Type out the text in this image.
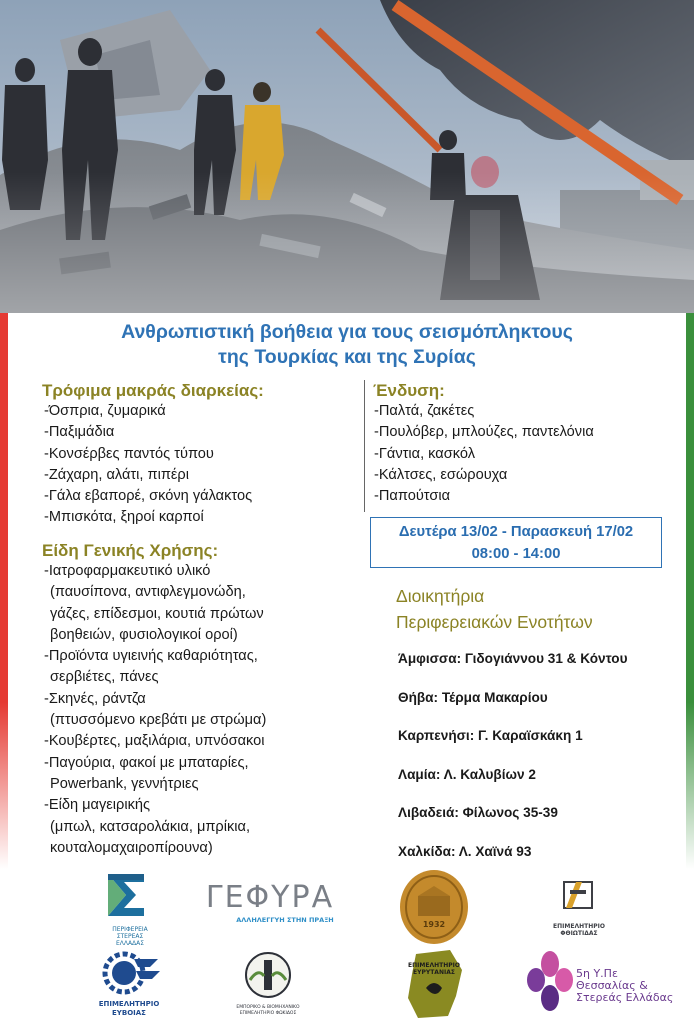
Ανθρωπιστική βοήθεια για τους σεισμόπληκτους
της Τουρκίας και της Συρίας
Τρόφιμα μακράς διαρκείας:
-Όσπρια, ζυμαρικά
-Παξιμάδια
-Κονσέρβες παντός τύπου
-Ζάχαρη, αλάτι, πιπέρι
-Γάλα εβαπορέ, σκόνη γάλακτος
-Μπισκότα, ξηροί καρποί
Είδη Γενικής Χρήσης:
-Ιατροφαρμακευτικό υλικό
(παυσίπονα, αντιφλεγμονώδη,
γάζες, επίδεσμοι, κουτιά πρώτων
βοηθειών, φυσιολογικοί οροί)
-Προϊόντα υγιεινής καθαριότητας,
σερβιέτες, πάνες
-Σκηνές, ράντζα
(πτυσσόμενο κρεβάτι με στρώμα)
-Κουβέρτες, μαξιλάρια, υπνόσακοι
-Παγούρια, φακοί με μπαταρίες,
Powerbank, γεννήτριες
-Είδη μαγειρικής
(μπωλ, κατσαρολάκια, μπρίκια,
κουταλομαχαιροπίρουνα)
Ένδυση:
-Παλτά, ζακέτες
-Πουλόβερ, μπλούζες, παντελόνια
-Γάντια, κασκόλ
-Κάλτσες, εσώρουχα
-Παπούτσια
Δευτέρα 13/02 - Παρασκευή 17/02
08:00 - 14:00
Διοικητήρια
Περιφερειακών Ενοτήτων
Άμφισσα: Γιδογιάννου 31 & Κόντου
Θήβα: Τέρμα Μακαρίου
Καρπενήσι: Γ. Καραϊσκάκη 1
Λαμία: Λ. Καλυβίων 2
Λιβαδειά: Φίλωνος 35-39
Χαλκίδα: Λ. Χαϊνά 93
ΠΕΡΙΦΕΡΕΙΑ
ΣΤΕΡΕΑΣ
ΕΛΛΑΔΑΣ
ΓΕΦΥΡΑ
ΑΛΛΗΛΕΓΓΥΗ ΣΤΗΝ ΠΡΑΞΗ	1932	ΕΠΙΜΕΛΗΤΗΡΙΟ ΦΘΙΩΤΙΔΑΣ
ΕΠΙΜΕΛΗΤΗΡΙΟ
ΕΥΒΟΙΑΣ
ΕΜΠΟΡΙΚΟ & ΒΙΟΜΗΧΑΝΙΚΟ
ΕΠΙΜΕΛΗΤΗΡΙΟ ΦΩΚΙΔΟΣ
ΕΠΙΜΕΛΗΤΗΡΙΟ
ΕΥΡΥΤΑΝΙΑΣ	5η Υ.Πε
Θεσσαλίας &
Στερεάς Ελλάδας
